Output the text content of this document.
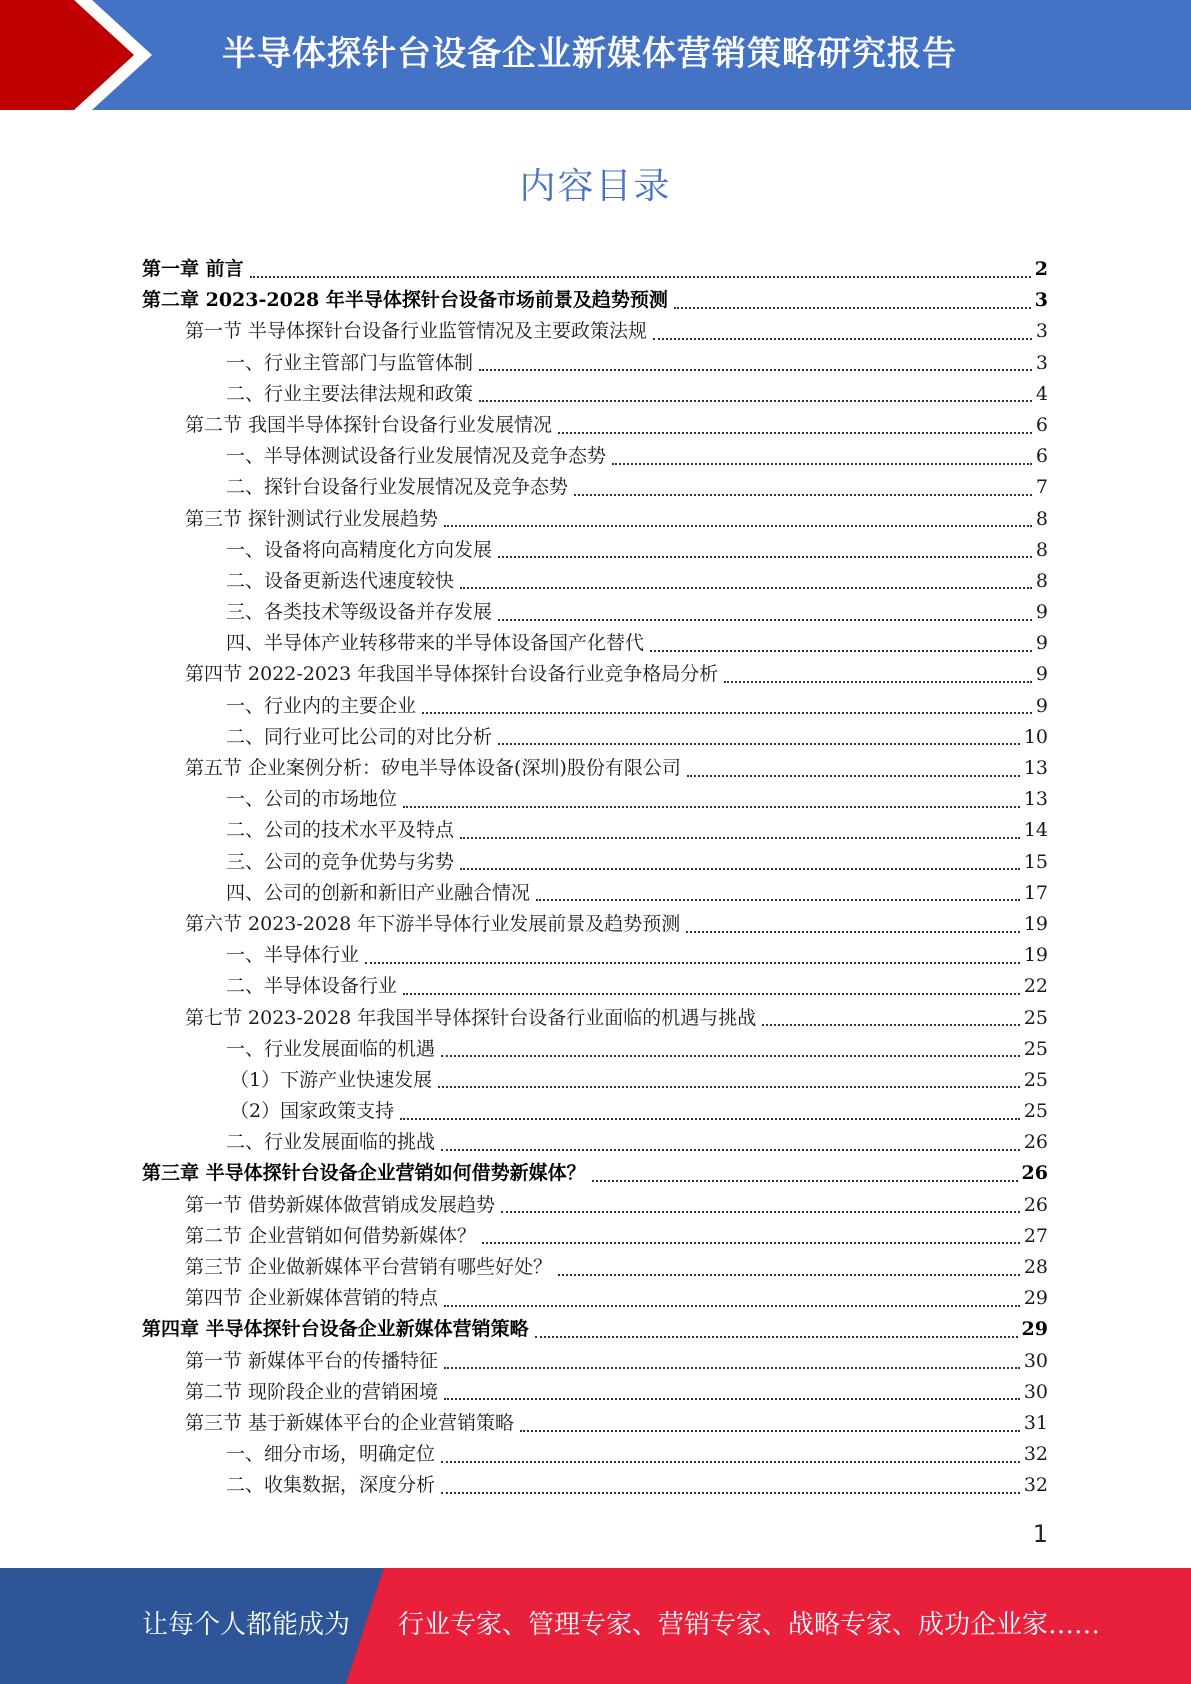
半导体探针台设备企业新媒体营销策略研究报告
内容目录
第一章 前言	2
第二章 2023-2028 年半导体探针台设备市场前景及趋势预测	3
第一节 半导体探针台设备行业监管情况及主要政策法规	3
一、行业主管部门与监管体制	3
二、行业主要法律法规和政策	4
第二节 我国半导体探针台设备行业发展情况	6
一、半导体测试设备行业发展情况及竞争态势	6
二、探针台设备行业发展情况及竞争态势	7
第三节 探针测试行业发展趋势	8
一、设备将向高精度化方向发展	8
二、设备更新迭代速度较快	8
三、各类技术等级设备并存发展	9
四、半导体产业转移带来的半导体设备国产化替代	9
第四节 2022-2023 年我国半导体探针台设备行业竞争格局分析	9
一、行业内的主要企业	9
二、同行业可比公司的对比分析	10
第五节 企业案例分析：矽电半导体设备(深圳)股份有限公司	13
一、公司的市场地位	13
二、公司的技术水平及特点	14
三、公司的竞争优势与劣势	15
四、公司的创新和新旧产业融合情况	17
第六节 2023-2028 年下游半导体行业发展前景及趋势预测	19
一、半导体行业	19
二、半导体设备行业	22
第七节 2023-2028 年我国半导体探针台设备行业面临的机遇与挑战	25
一、行业发展面临的机遇	25
（1）下游产业快速发展	25
（2）国家政策支持	25
二、行业发展面临的挑战	26
第三章 半导体探针台设备企业营销如何借势新媒体？	26
第一节 借势新媒体做营销成发展趋势	26
第二节 企业营销如何借势新媒体？	27
第三节 企业做新媒体平台营销有哪些好处？	28
第四节 企业新媒体营销的特点	29
第四章 半导体探针台设备企业新媒体营销策略	29
第一节 新媒体平台的传播特征	30
第二节 现阶段企业的营销困境	30
第三节 基于新媒体平台的企业营销策略	31
一、细分市场，明确定位	32
二、收集数据，深度分析	32
1
让每个人都能成为 行业专家、管理专家、营销专家、战略专家、成功企业家……
